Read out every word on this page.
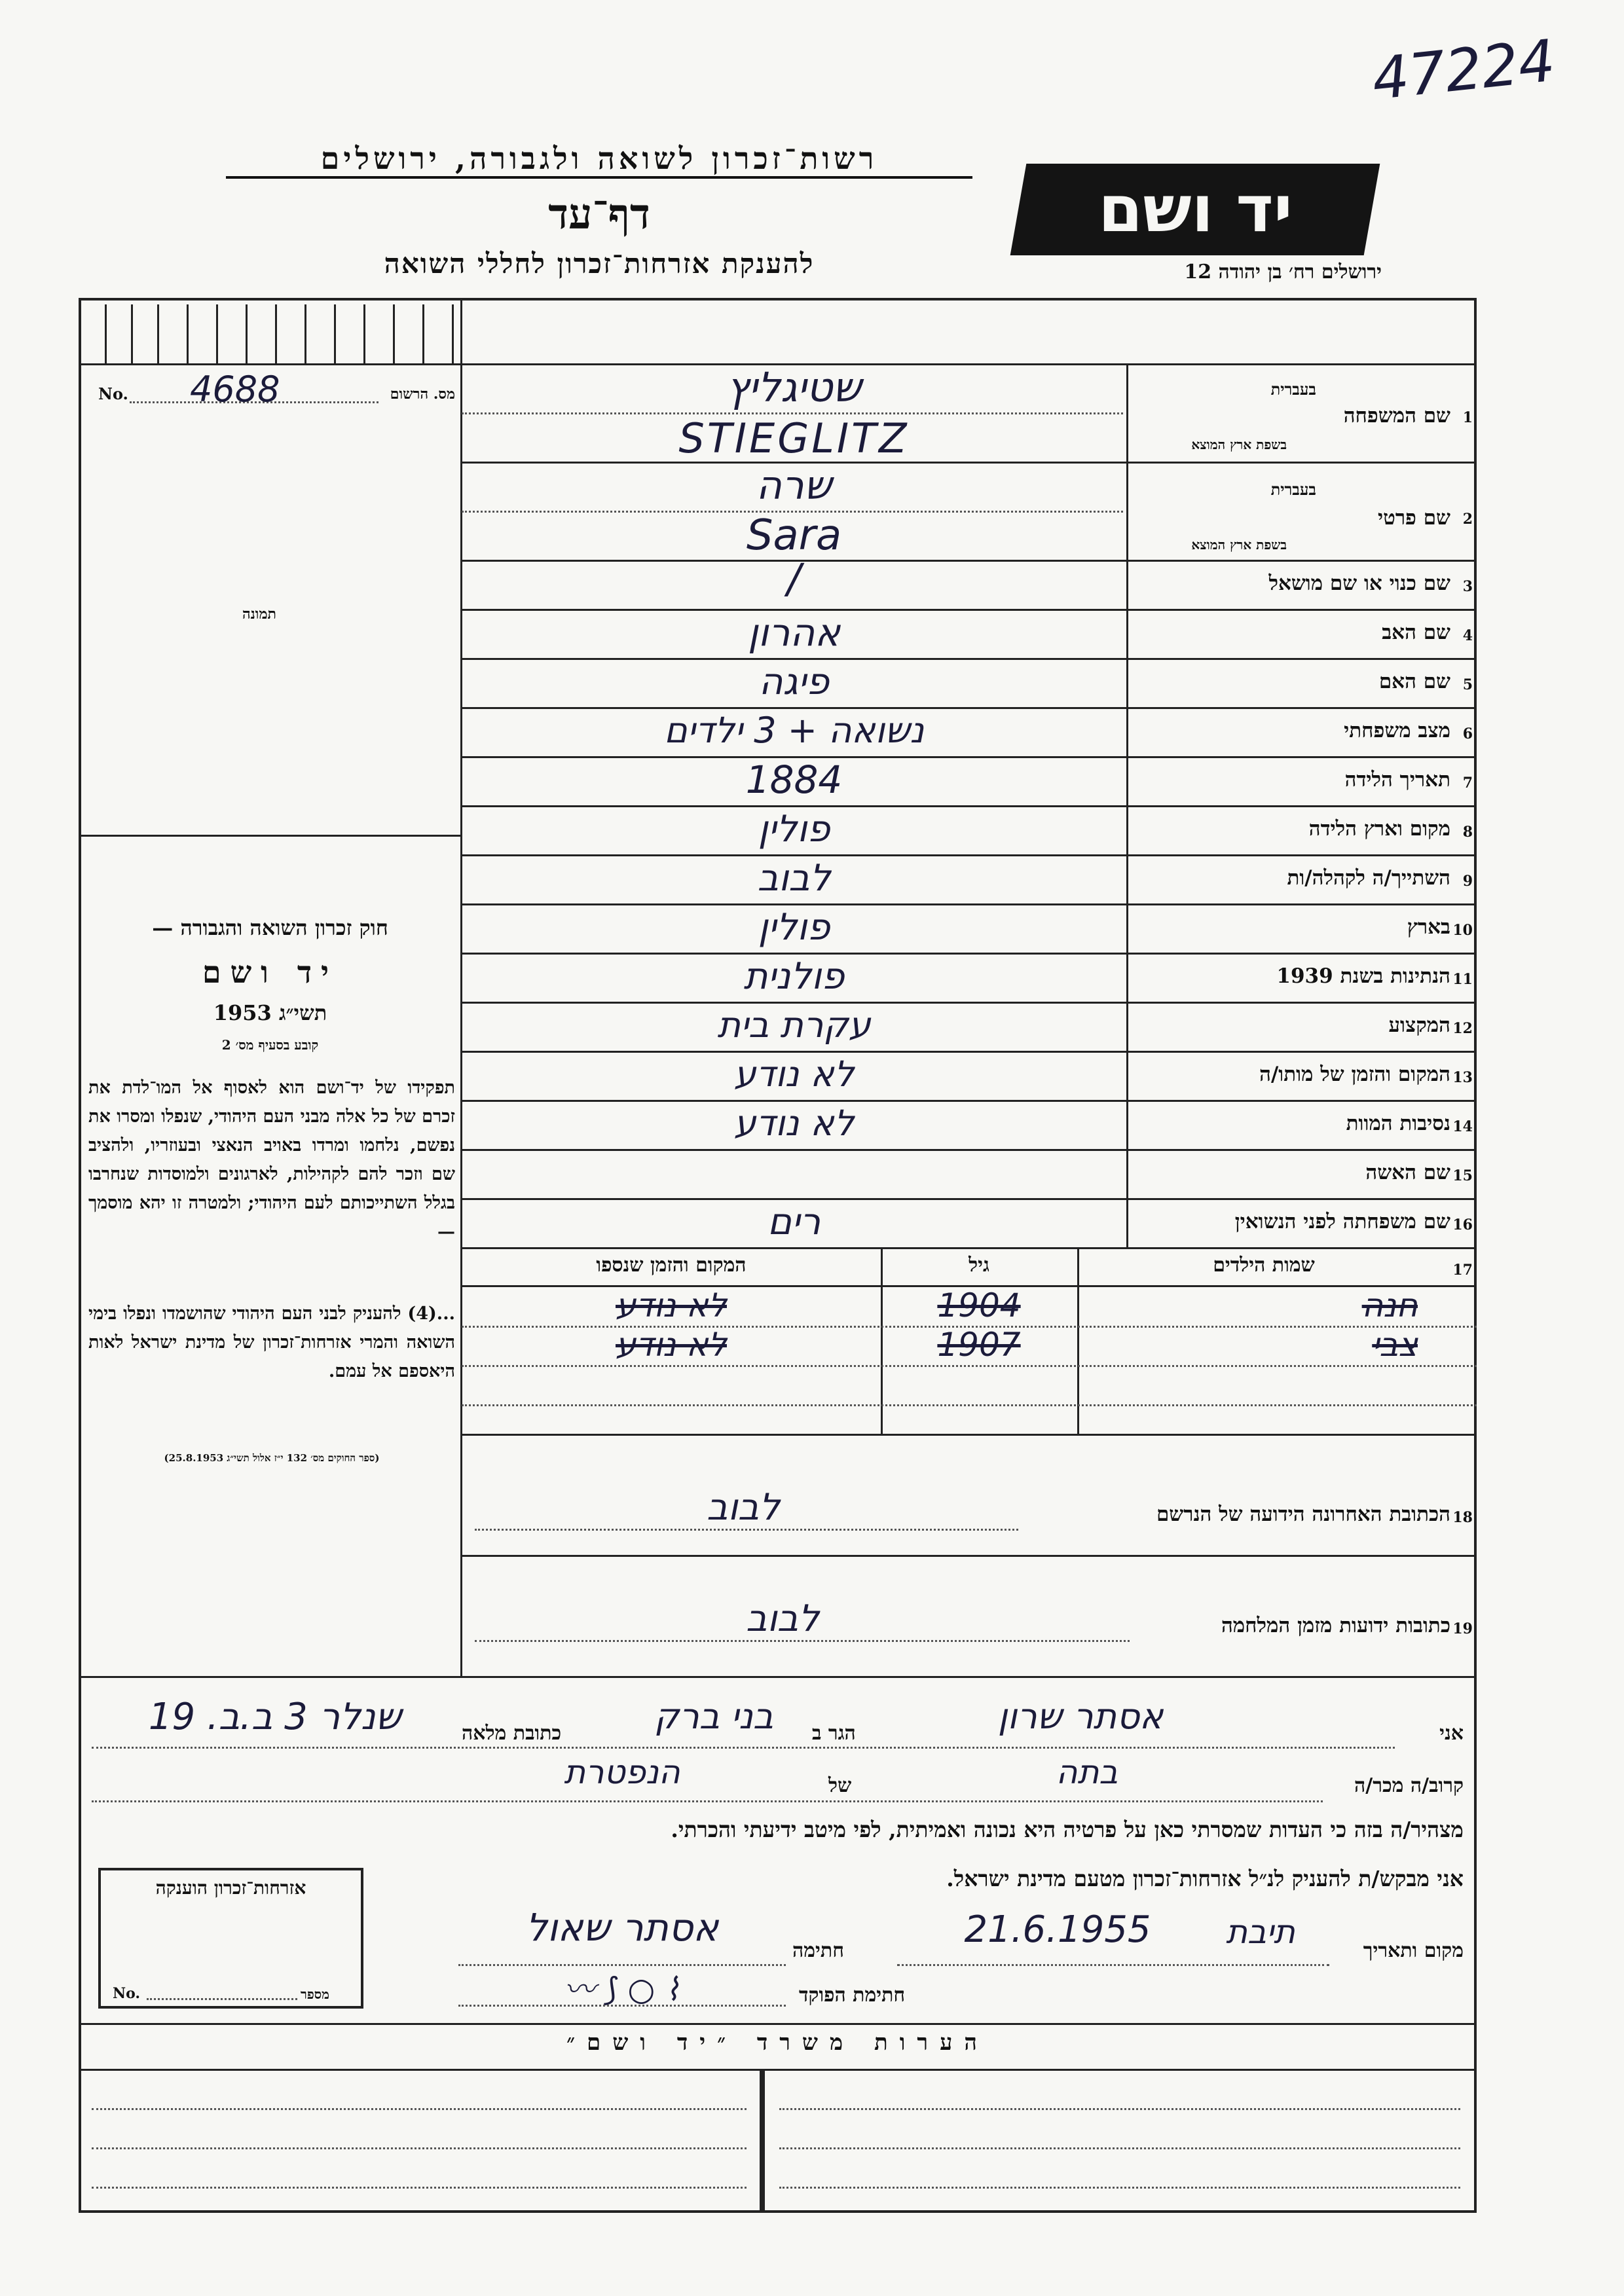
47224
רשות־זכרון לשואה ולגבורה, ירושלים
דף־עד
להענקת אזרחות־זכרון לחללי השואה
יד ושם
ירושלים רח׳ בן יהודה 12
No. 4688	מס. הרשום
תמונה
חוק זכרון השואה והגבורה —
יד ושם
תשי״ג 1953
קובע בסעיף מס׳ 2
תפקידו של יד־ושם הוא לאסוף אל המו־לדת את זכרם של כל אלה מבני העם היהודי, שנפלו ומסרו את נפשם, נלחמו ומרדו באויב הנאצי ובעוזריו, ולהציב שם וזכר להם לקהילות, לארגונים ולמוסדות שנחרבו בגלל השתייכותם לעם היהודי; ולמטרה זו יהא מוסמך —
...(4) להעניק לבני העם היהודי שהושמדו ונפלו בימי השואה והמרי אזרחות־זכרון של מדינת ישראל לאות היאספם אל עמם.
(ספר החוקים מס׳ 132 י״ז אלול תשי״ג 25.8.1953)
1
שם המשפחה
בעברית
בשפת ארץ המוצא
שטיגליץ
STIEGLITZ
2
שם פרטי
בעברית
בשפת ארץ המוצא
שרה
Sara
3
שם כנוי או שם מושאל
/
4
שם האב
אהרון
5
שם האם
פיגה
6
מצב משפחתי
נשואה + 3 ילדים
7
תאריך הלידה
1884
8
מקום וארץ הלידה
פולין
9
השתייך/ה לקהלה/ות
לבוב
10
בארץ
פולין
11
הנתינות בשנת 1939
פולנית
12
המקצוע
עקרת בית
13
המקום והזמן של מותו/ה
לא נודע
14
נסיבות המוות
לא נודע
15
שם האשה
16
שם משפחתה לפני הנשואין
רים
17
שמות הילדים
גיל
המקום והזמן שנספו
חנה
1904
לא נודע
צבי
1907
לא נודע
18
הכתובת האחרונה הידועה של הנרשם
לבוב
19
כתובות ידועות מזמן המלחמה
לבוב
אני
אסתר שרון
הגר ב
בני ברק
כתובת מלאה
שנלר 3 ב.ב. 19
קרוב/ה מכר/ה
בתה
של
הנפטרת
מצהיר/ה בזה כי העדות שמסרתי כאן על פרטיה היא נכונה ואמיתית, לפי מיטב ידיעתי והכרתי.
אני מבקש/ת להעניק לנ״ל אזרחות־זכרון מטעם מדינת ישראל.
מקום ותאריך
תיבת
21.6.1955
חתימה
אסתר שאול
חתימת הפוקד
〰 ⟆ ○ ⌇
אזרחות־זכרון הוענקה
No.	מספר
הערות משרד ״יד ושם״
